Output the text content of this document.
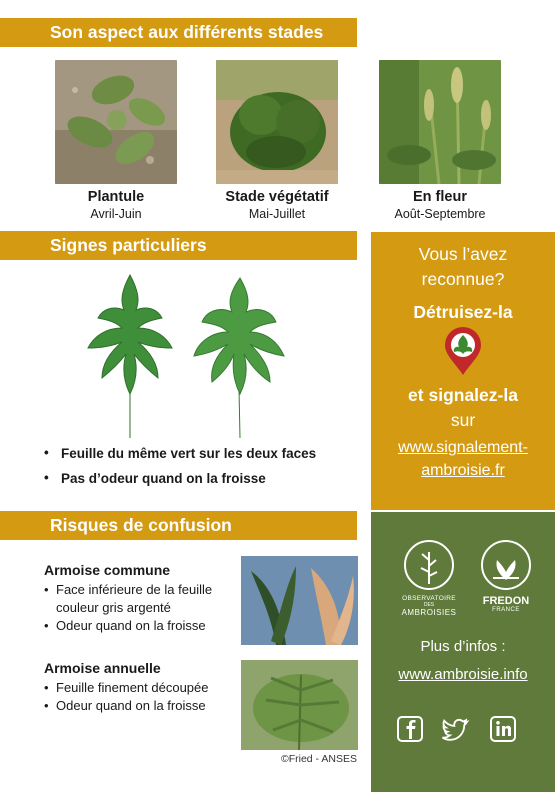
Son aspect aux différents stades
Plantule
Avril-Juin
Stade végétatif
Mai-Juillet
En fleur
Août-Septembre
Signes particuliers
• Feuille du même vert sur les deux faces
• Pas d’odeur quand on la froisse
Risques de confusion
Armoise commune
• Face inférieure de la feuille couleur gris argenté
• Odeur quand on la froisse
Armoise annuelle
• Feuille finement découpée
• Odeur quand on la froisse
©Fried - ANSES
Vous l’avez
reconnue?
Détruisez-la
et signalez-la
sur
www.signalement-
ambroisie.fr
OBSERVATOIRE
DES
AMBROISIES
FREDON
FRANCE
Plus d’infos :
www.ambroisie.info
